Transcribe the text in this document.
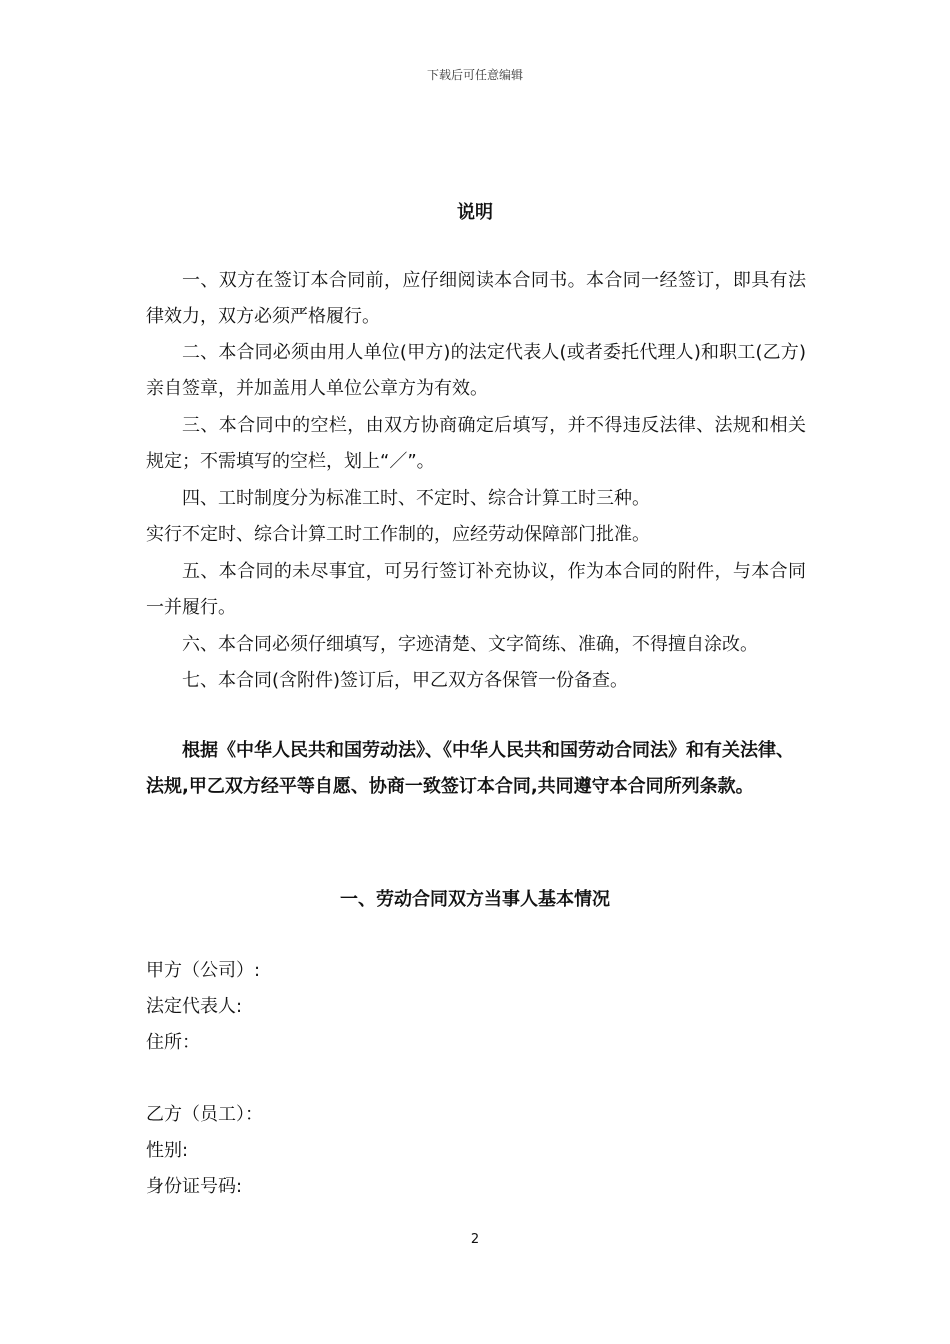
下载后可任意编辑
说明

一、双方在签订本合同前，应仔细阅读本合同书。本合同一经签订，即具有法律效力，双方必须严格履行。

二、本合同必须由用人单位(甲方)的法定代表人(或者委托代理人)和职工(乙方)亲自签章，并加盖用人单位公章方为有效。

三、本合同中的空栏，由双方协商确定后填写，并不得违反法律、法规和相关规定；不需填写的空栏，划上“／”。

四、工时制度分为标准工时、不定时、综合计算工时三种。

实行不定时、综合计算工时工作制的，应经劳动保障部门批准。

五、本合同的未尽事宜，可另行签订补充协议，作为本合同的附件，与本合同一并履行。

六、本合同必须仔细填写，字迹清楚、文字简练、准确，不得擅自涂改。

七、本合同(含附件)签订后，甲乙双方各保管一份备查。

根据《中华人民共和国劳动法》、《中华人民共和国劳动合同法》和有关法律、法规,甲乙双方经平等自愿、协商一致签订本合同,共同遵守本合同所列条款。

一、劳动合同双方当事人基本情况
甲方（公司）:
法定代表人:
住所：
乙方（员工）：
性别:
身份证号码:
2
